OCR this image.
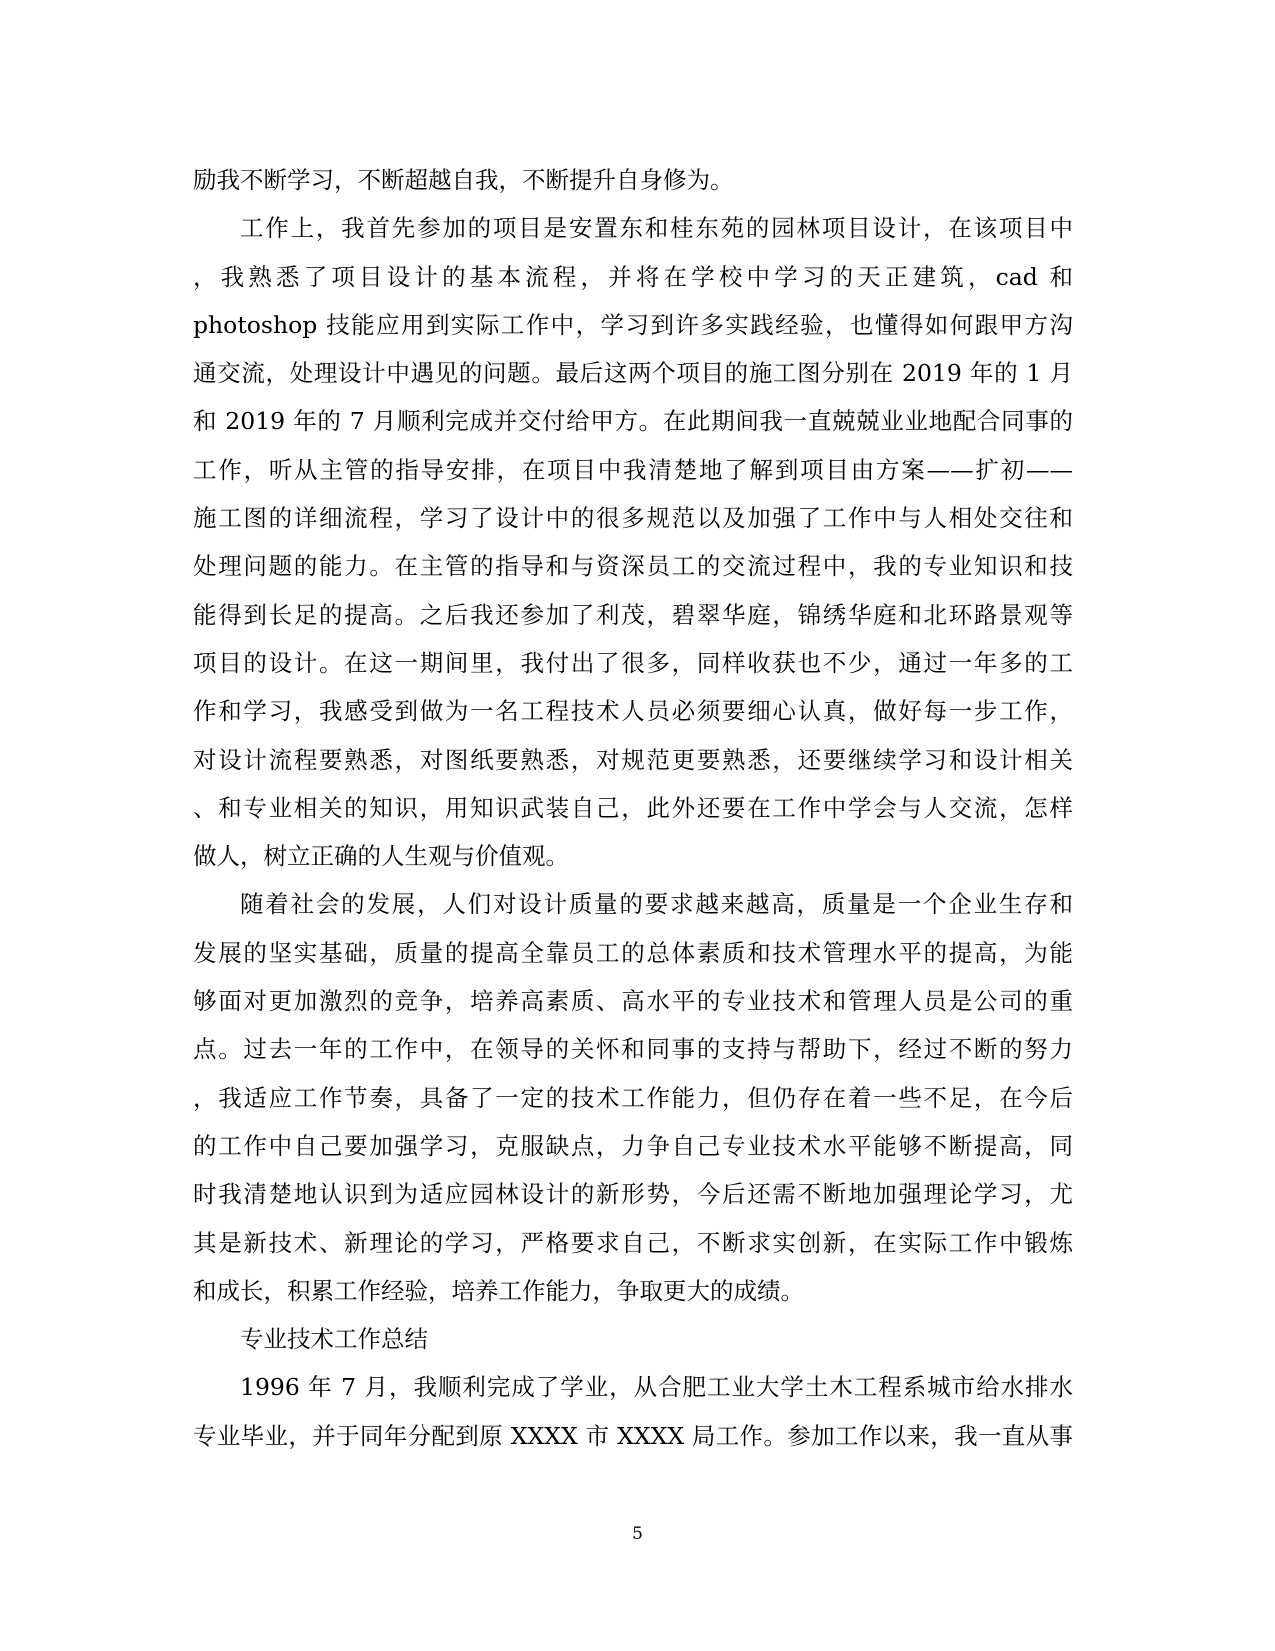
励我不断学习，不断超越自我，不断提升自身修为。
工作上，我首先参加的项目是安置东和桂东苑的园林项目设计，在该项目中
，我熟悉了项目设计的基本流程，并将在学校中学习的天正建筑，cad 和
photoshop 技能应用到实际工作中，学习到许多实践经验，也懂得如何跟甲方沟
通交流，处理设计中遇见的问题。最后这两个项目的施工图分别在 2019 年的 1 月
和 2019 年的 7 月顺利完成并交付给甲方。在此期间我一直兢兢业业地配合同事的
工作，听从主管的指导安排，在项目中我清楚地了解到项目由方案——扩初——
施工图的详细流程，学习了设计中的很多规范以及加强了工作中与人相处交往和
处理问题的能力。在主管的指导和与资深员工的交流过程中，我的专业知识和技
能得到长足的提高。之后我还参加了利茂，碧翠华庭，锦绣华庭和北环路景观等
项目的设计。在这一期间里，我付出了很多，同样收获也不少，通过一年多的工
作和学习，我感受到做为一名工程技术人员必须要细心认真，做好每一步工作，
对设计流程要熟悉，对图纸要熟悉，对规范更要熟悉，还要继续学习和设计相关
、和专业相关的知识，用知识武装自己，此外还要在工作中学会与人交流，怎样
做人，树立正确的人生观与价值观。
随着社会的发展，人们对设计质量的要求越来越高，质量是一个企业生存和
发展的坚实基础，质量的提高全靠员工的总体素质和技术管理水平的提高，为能
够面对更加激烈的竞争，培养高素质、高水平的专业技术和管理人员是公司的重
点。过去一年的工作中，在领导的关怀和同事的支持与帮助下，经过不断的努力
，我适应工作节奏，具备了一定的技术工作能力，但仍存在着一些不足，在今后
的工作中自己要加强学习，克服缺点，力争自己专业技术水平能够不断提高，同
时我清楚地认识到为适应园林设计的新形势，今后还需不断地加强理论学习，尤
其是新技术、新理论的学习，严格要求自己，不断求实创新，在实际工作中锻炼
和成长，积累工作经验，培养工作能力，争取更大的成绩。
专业技术工作总结
1996 年 7 月，我顺利完成了学业，从合肥工业大学土木工程系城市给水排水
专业毕业，并于同年分配到原 XXXX 市 XXXX 局工作。参加工作以来，我一直从事
5
